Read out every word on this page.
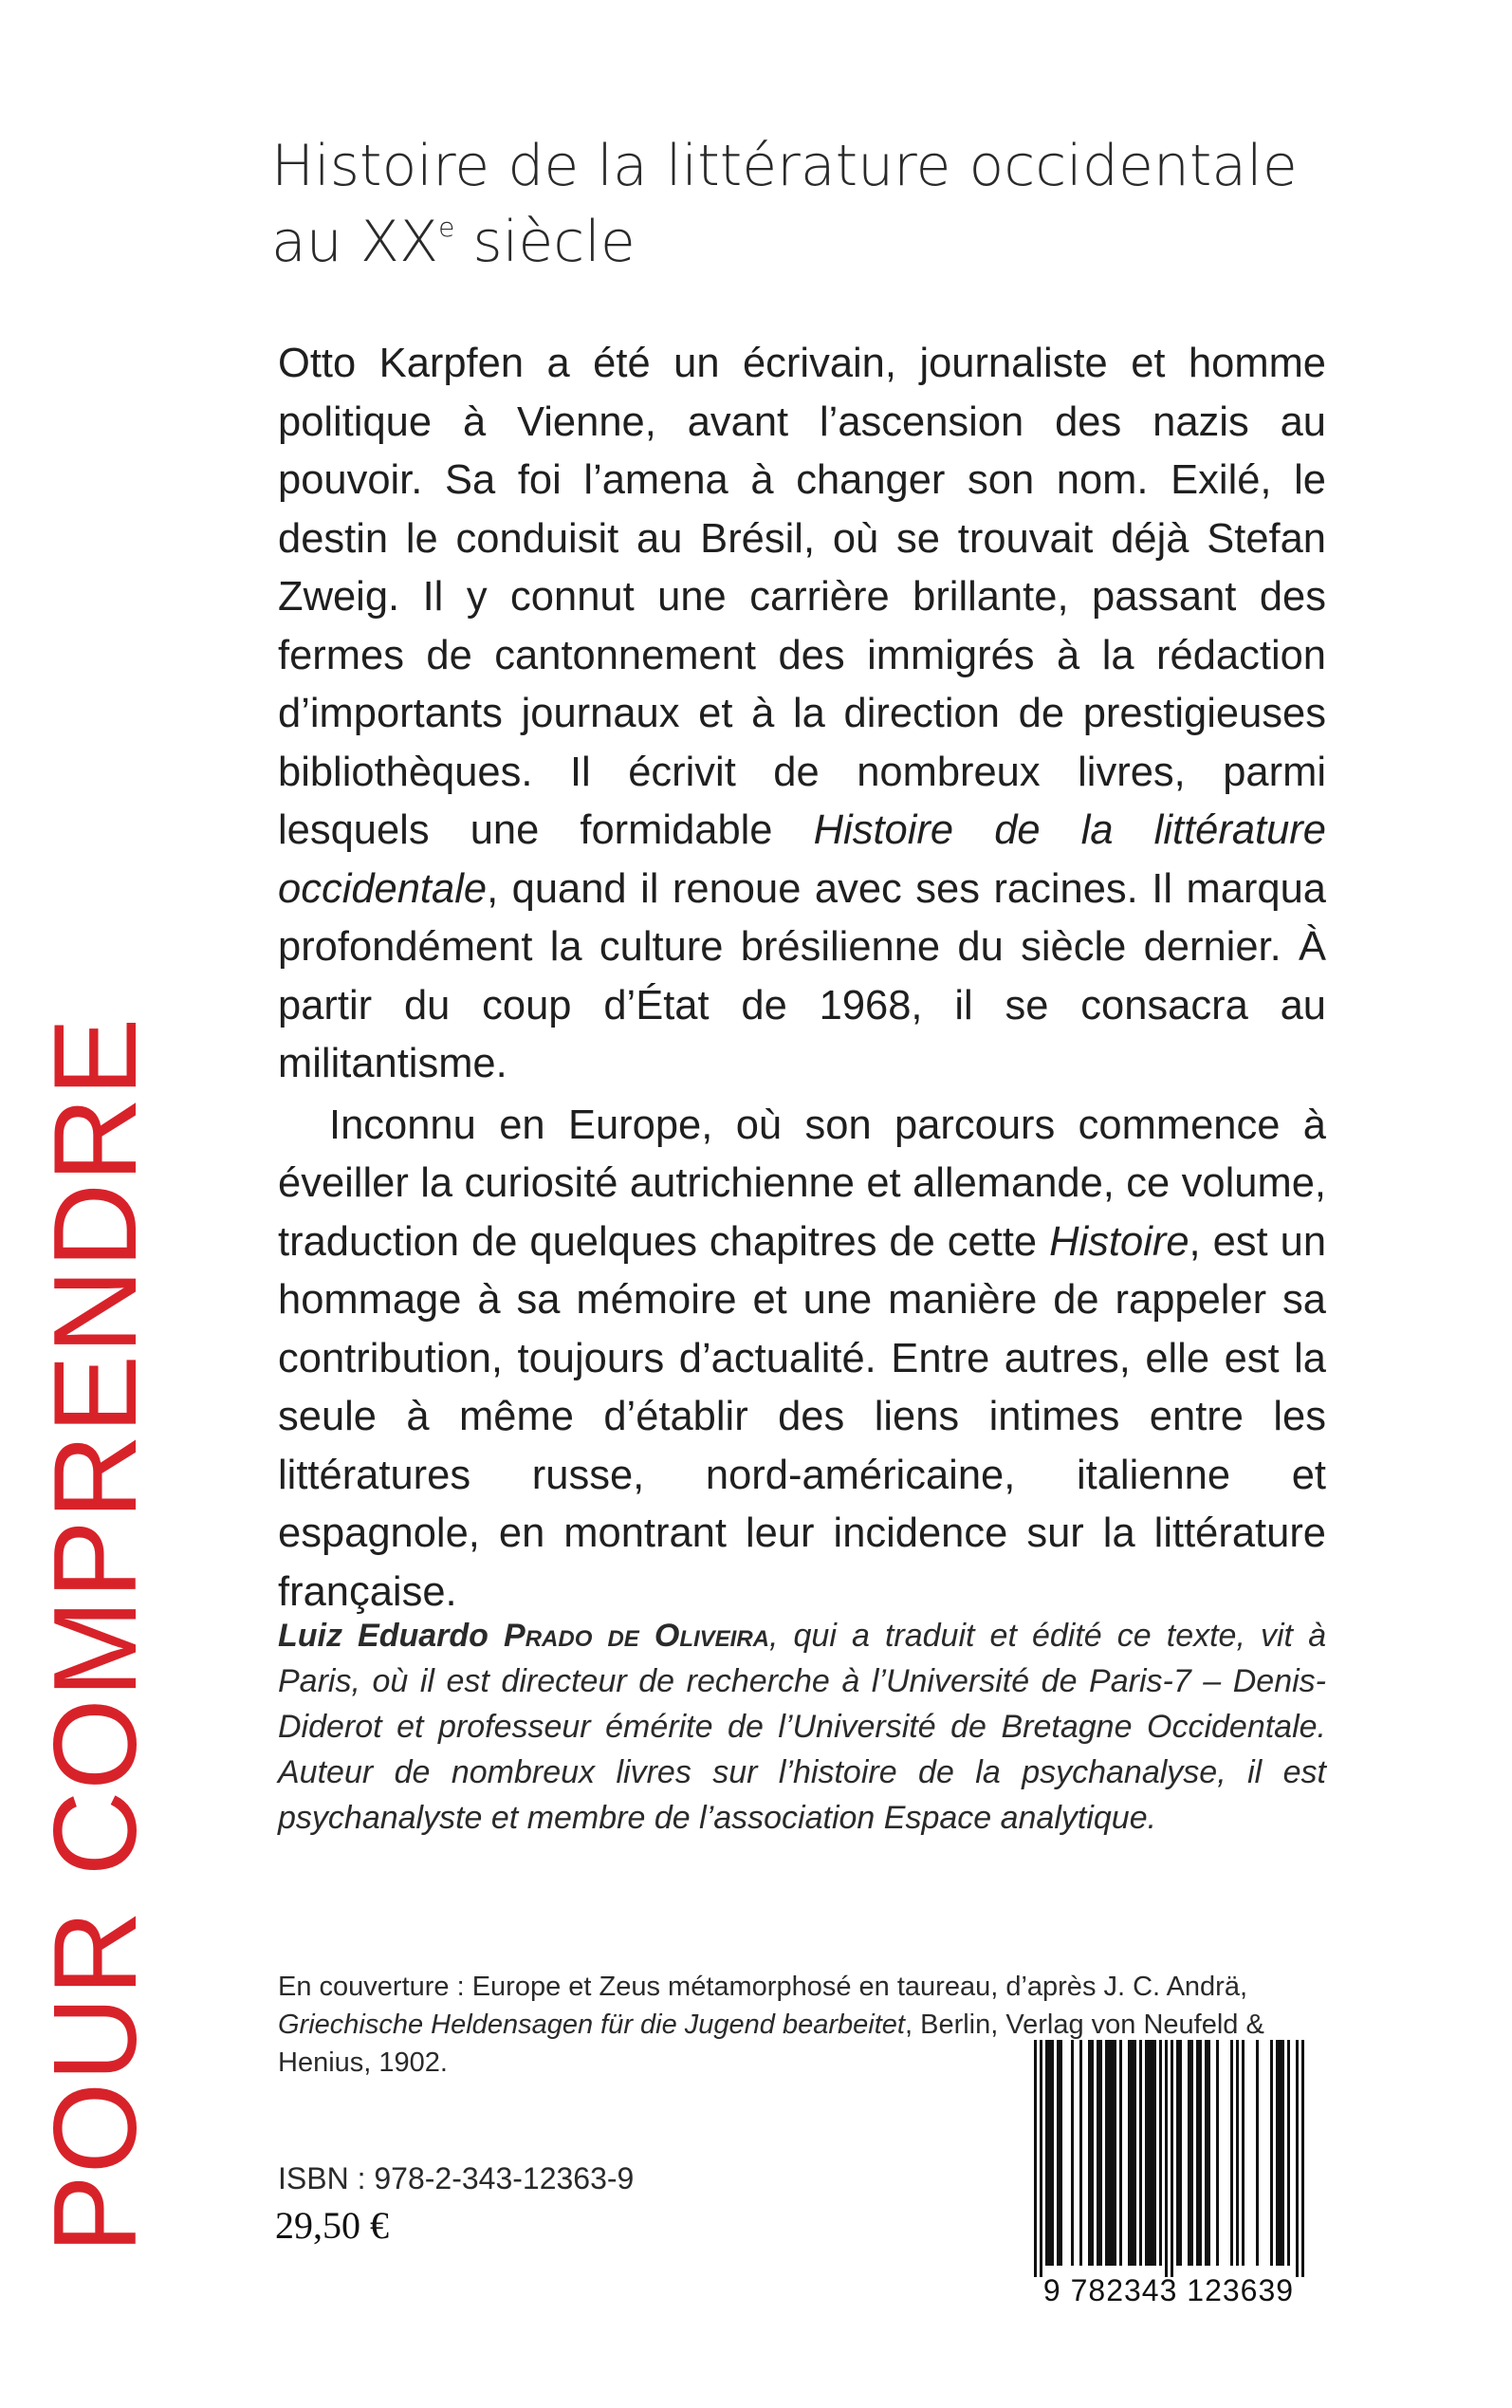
POUR COMPRENDRE
Histoire de la littérature occidentale
au XXe siècle

Otto Karpfen a été un écrivain, journaliste et homme politique à Vienne, avant l’ascension des nazis au pouvoir. Sa foi l’amena à changer son nom. Exilé, le destin le conduisit au Brésil, où se trouvait déjà Stefan Zweig. Il y connut une carrière brillante, passant des fermes de cantonnement des immigrés à la rédaction d’importants journaux et à la direction de prestigieuses bibliothèques. Il écrivit de nombreux livres, parmi lesquels une formidable Histoire de la littérature occidentale, quand il renoue avec ses racines. Il marqua profondément la culture brésilienne du siècle dernier. À partir du coup d’État de 1968, il se consacra au militantisme.

Inconnu en Europe, où son parcours commence à éveiller la curiosité autrichienne et allemande, ce volume, traduction de quelques chapitres de cette Histoire, est un hommage à sa mémoire et une manière de rappeler sa contribution, toujours d’actualité. Entre autres, elle est la seule à même d’établir des liens intimes entre les littératures russe, nord-américaine, italienne et espagnole, en montrant leur incidence sur la littérature française.

Luiz Eduardo Prado de Oliveira, qui a traduit et édité ce texte, vit à Paris, où il est directeur de recherche à l’Université de Paris-7 – Denis- Diderot et professeur émérite de l’Université de Bretagne Occidentale. Auteur de nombreux livres sur l’histoire de la psychanalyse, il est psychanalyste et membre de l’association Espace analytique.
En couverture : Europe et Zeus métamorphosé en taureau, d’après J. C. Andrä,
Griechische Heldensagen für die Jugend bearbeitet, Berlin, Verlag von Neufeld & Henius, 1902.
ISBN : 978-2-343-12363-9
29,50 €
9 782343 123639
